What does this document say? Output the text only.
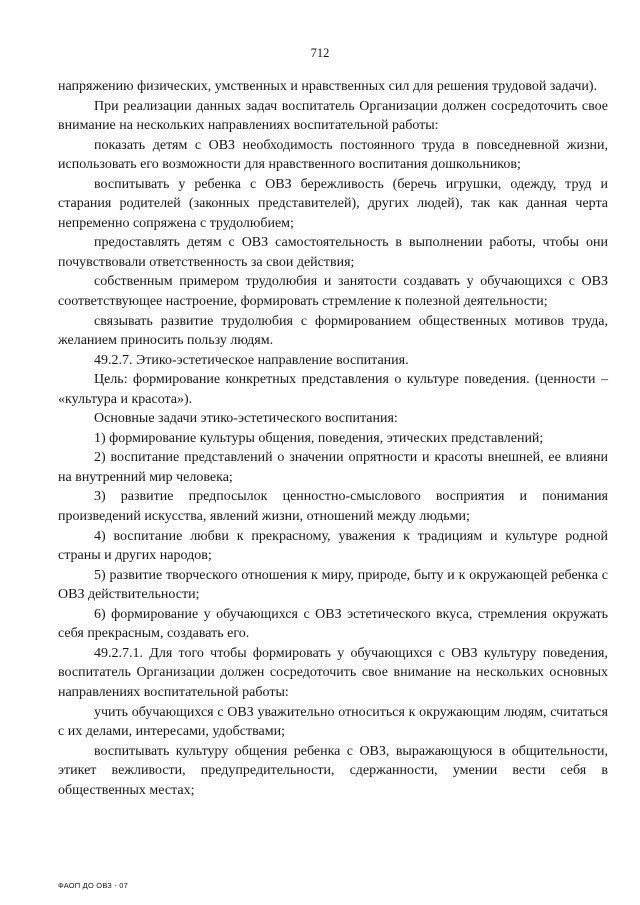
712

напряжению физических, умственных и нравственных сил для решения трудовой задачи).

При реализации данных задач воспитатель Организации должен сосредоточить свое внимание на нескольких направлениях воспитательной работы:

показать детям с ОВЗ необходимость постоянного труда в повседневной жизни, использовать его возможности для нравственного воспитания дошкольников;

воспитывать у ребенка с ОВЗ бережливость (беречь игрушки, одежду, труд и старания родителей (законных представителей), других людей), так как данная черта непременно сопряжена с трудолюбием;

предоставлять детям с ОВЗ самостоятельность в выполнении работы, чтобы они почувствовали ответственность за свои действия;

собственным примером трудолюбия и занятости создавать у обучающихся с ОВЗ соответствующее настроение, формировать стремление к полезной деятельности;

связывать развитие трудолюбия с формированием общественных мотивов труда, желанием приносить пользу людям.

49.2.7. Этико-эстетическое направление воспитания.

Цель: формирование конкретных представления о культуре поведения. (ценности – «культура и красота»).

Основные задачи этико-эстетического воспитания:

1) формирование культуры общения, поведения, этических представлений;

2) воспитание представлений о значении опрятности и красоты внешней, ее влияни на внутренний мир человека;

3) развитие предпосылок ценностно-смыслового восприятия и понимания произведений искусства, явлений жизни, отношений между людьми;

4) воспитание любви к прекрасному, уважения к традициям и культуре родной страны и других народов;

5) развитие творческого отношения к миру, природе, быту и к окружающей ребенка с ОВЗ действительности;

6) формирование у обучающихся с ОВЗ эстетического вкуса, стремления окружать себя прекрасным, создавать его.

49.2.7.1. Для того чтобы формировать у обучающихся с ОВЗ культуру поведения, воспитатель Организации должен сосредоточить свое внимание на нескольких основных направлениях воспитательной работы:

учить обучающихся с ОВЗ уважительно относиться к окружающим людям, считаться с их делами, интересами, удобствами;

воспитывать культуру общения ребенка с ОВЗ, выражающуюся в общительности, этикет вежливости, предупредительности, сдержанности, умении вести себя в общественных местах;

ФАОП ДО ОВЗ - 07
